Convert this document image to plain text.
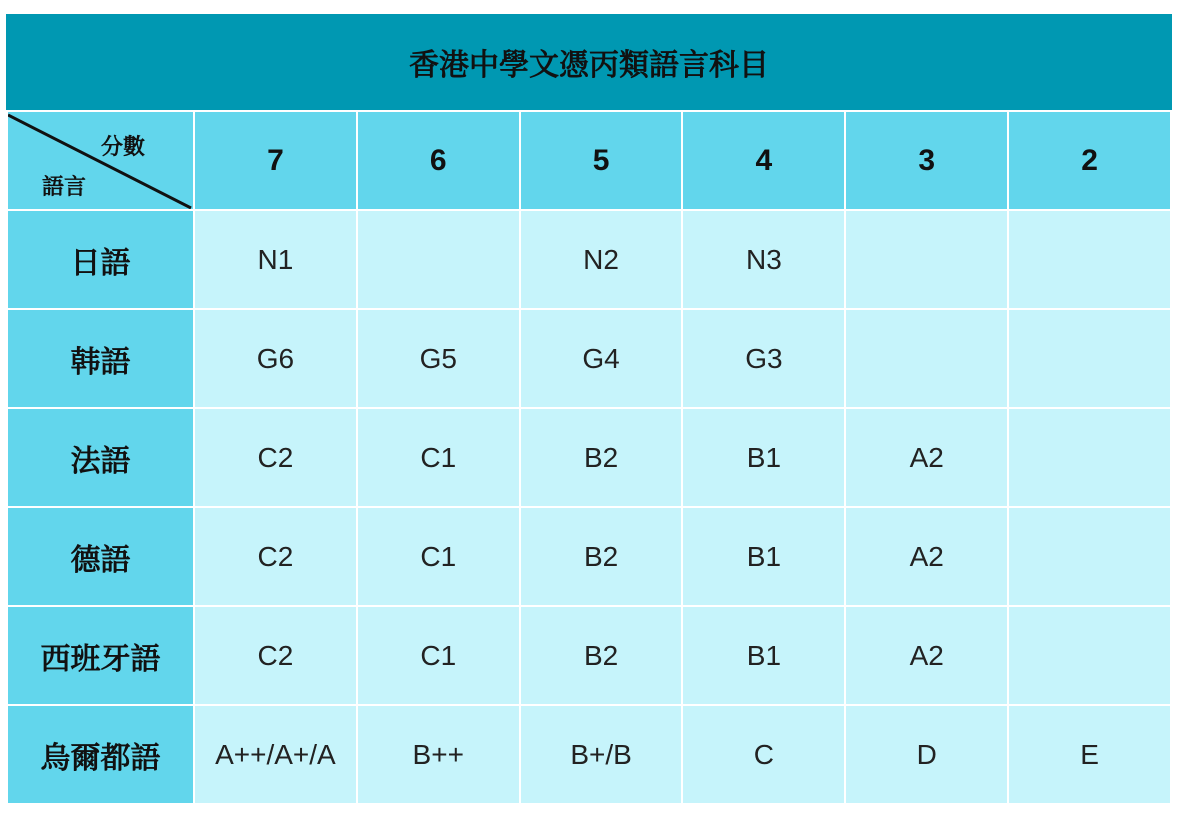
香港中學文憑丙類語言科目
分數
語言	7	6	5	4	3	2
日語	N1		N2	N3		
韩語	G6	G5	G4	G3		
法語	C2	C1	B2	B1	A2	
德語	C2	C1	B2	B1	A2	
西班牙語	C2	C1	B2	B1	A2	
烏爾都語	A++/A+/A	B++	B+/B	C	D	E
